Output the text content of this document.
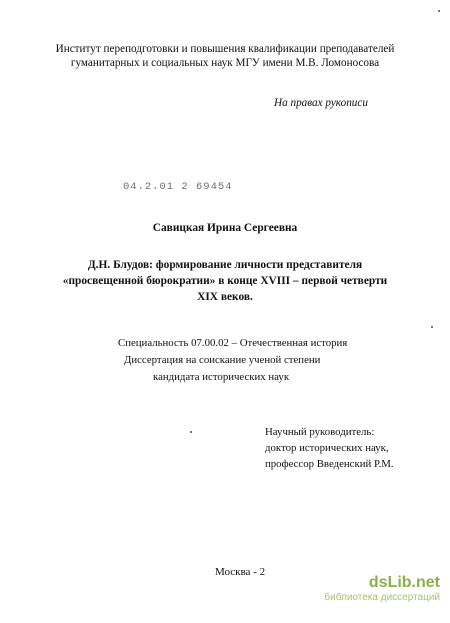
Институт переподготовки и повышения квалификации преподавателей
гуманитарных и социальных наук МГУ имени М.В. Ломоносова
На правах рукописи
04.2.01 2 69454
Савицкая Ирина Сергеевна
Д.Н. Блудов: формирование личности представителя
«просвещенной бюрократии» в конце XVIII – первой четверти
XIX веков.
Специальность 07.00.02 – Отечественная история
Диссертация на соискание ученой степени
кандидата исторических наук
Научный руководитель:
доктор исторических наук,
профессор Введенский Р.М.
Москва - 2
dsLib.net
библиотека диссертаций
